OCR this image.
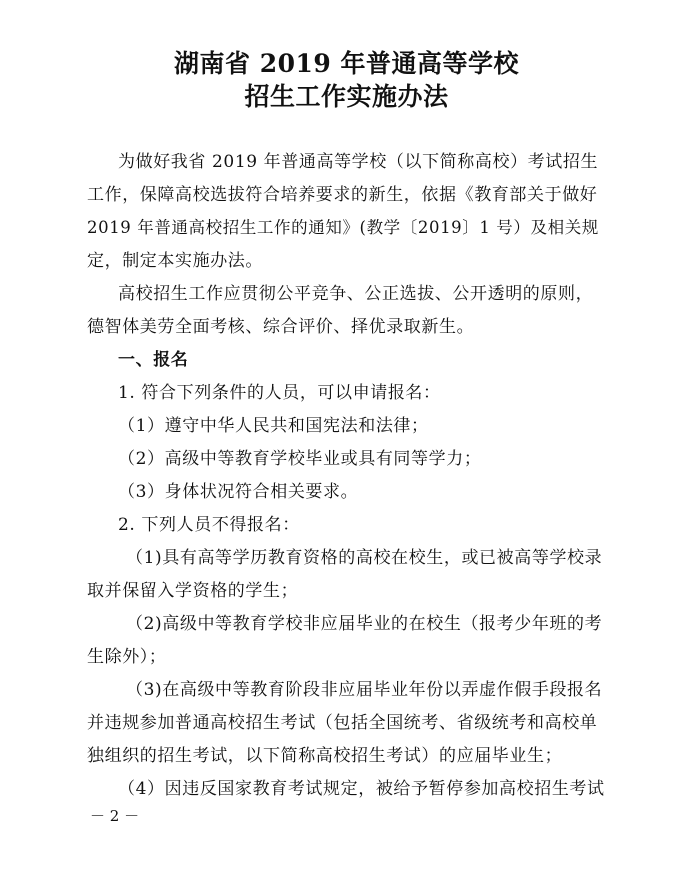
湖南省 2019 年普通高等学校
招生工作实施办法
为做好我省 2019 年普通高等学校（以下简称高校）考试招生
工作，保障高校选拔符合培养要求的新生，依据《教育部关于做好
2019 年普通高校招生工作的通知》(教学〔2019〕1 号）及相关规
定，制定本实施办法。
高校招生工作应贯彻公平竞争、公正选拔、公开透明的原则，
德智体美劳全面考核、综合评价、择优录取新生。
一、报名
1. 符合下列条件的人员，可以申请报名：
（1）遵守中华人民共和国宪法和法律；
（2）高级中等教育学校毕业或具有同等学力；
（3）身体状况符合相关要求。
2. 下列人员不得报名：
（1)具有高等学历教育资格的高校在校生，或已被高等学校录
取并保留入学资格的学生；
（2)高级中等教育学校非应届毕业的在校生（报考少年班的考
生除外）；
（3)在高级中等教育阶段非应届毕业年份以弄虚作假手段报名
并违规参加普通高校招生考试（包括全国统考、省级统考和高校单
独组织的招生考试，以下简称高校招生考试）的应届毕业生；
（4）因违反国家教育考试规定，被给予暂停参加高校招生考试
－ 2 －
